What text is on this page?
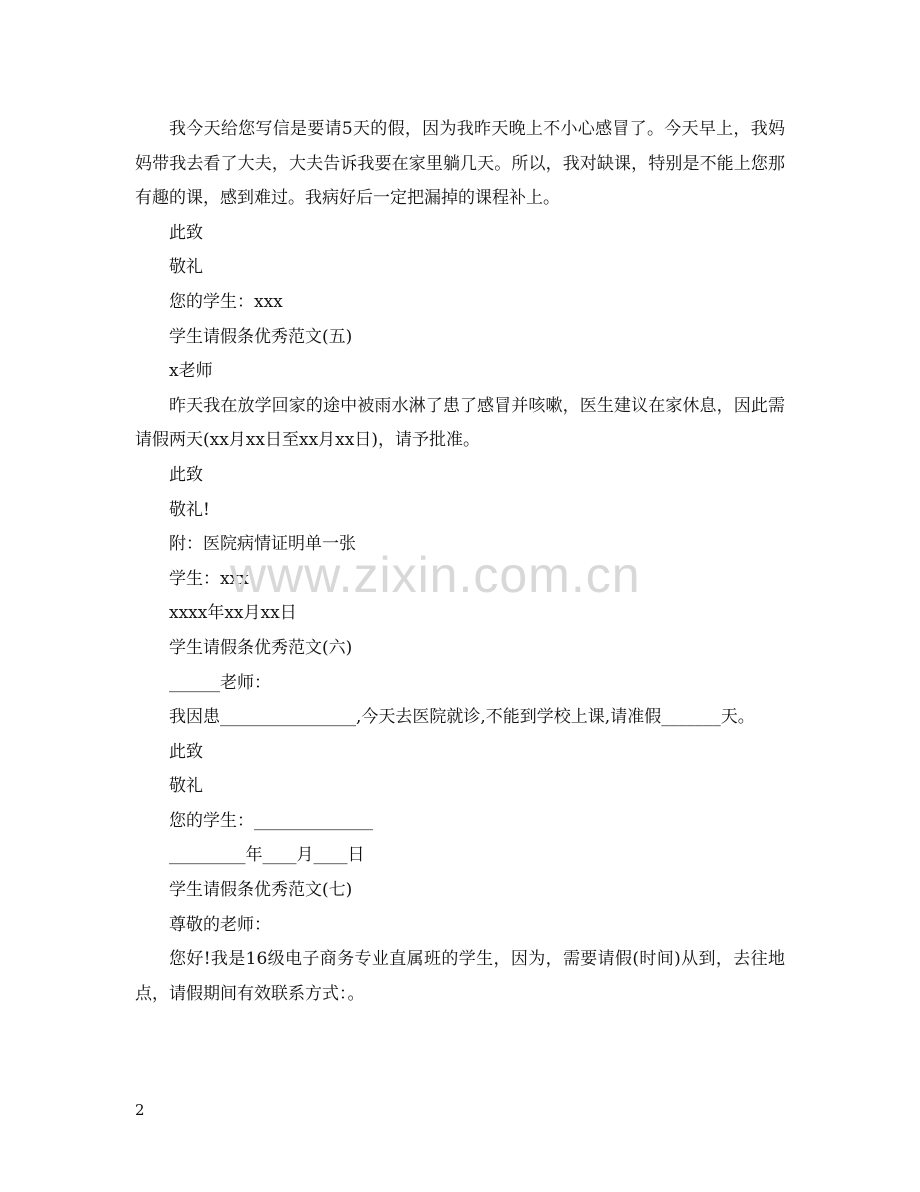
我今天给您写信是要请5天的假，因为我昨天晚上不小心感冒了。今天早上，我妈妈带我去看了大夫，大夫告诉我要在家里躺几天。所以，我对缺课，特别是不能上您那有趣的课，感到难过。我病好后一定把漏掉的课程补上。

此致

敬礼

您的学生：xxx

学生请假条优秀范文(五)

x老师

昨天我在放学回家的途中被雨水淋了患了感冒并咳嗽，医生建议在家休息，因此需请假两天(xx月xx日至xx月xx日)，请予批准。

此致

敬礼!

附：医院病情证明单一张

学生：xxx

xxxx年xx月xx日

学生请假条优秀范文(六)

______老师：

我因患________________,今天去医院就诊,不能到学校上课,请准假_______天。

此致

敬礼

您的学生：______________

_________年____月____日

学生请假条优秀范文(七)

尊敬的老师：

您好!我是16级电子商务专业直属班的学生，因为，需要请假(时间)从到，去往地点，请假期间有效联系方式：。

www.zixin.com.cn
2
